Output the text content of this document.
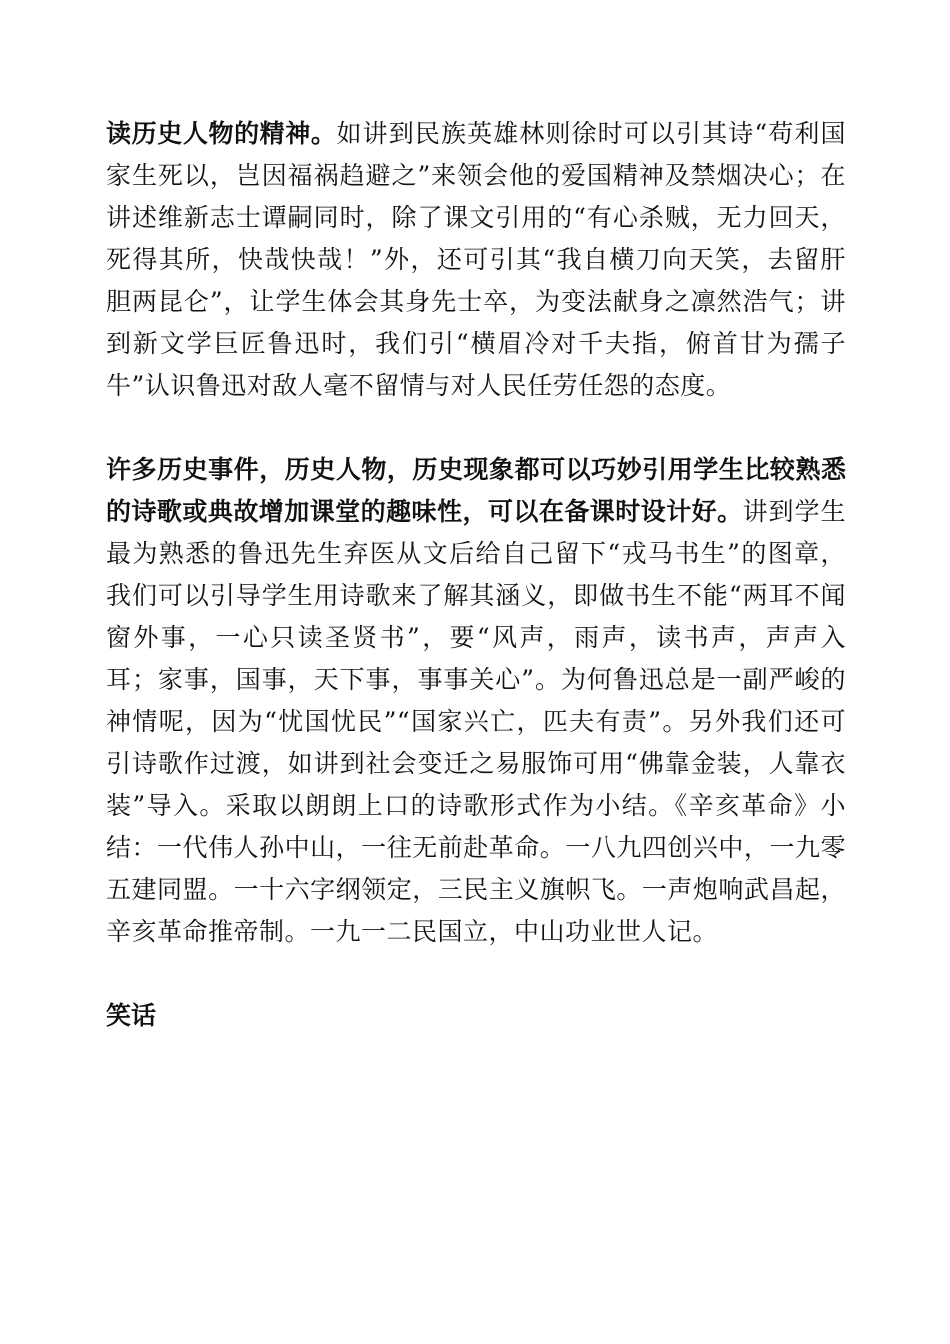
读历史人物的精神。如讲到民族英雄林则徐时可以引其诗“苟利国家生死以，岂因福祸趋避之”来领会他的爱国精神及禁烟决心；在讲述维新志士谭嗣同时，除了课文引用的“有心杀贼，无力回天，死得其所，快哉快哉！”外，还可引其“我自横刀向天笑，去留肝胆两昆仑”，让学生体会其身先士卒，为变法献身之凛然浩气；讲到新文学巨匠鲁迅时，我们引“横眉冷对千夫指，俯首甘为孺子牛”认识鲁迅对敌人毫不留情与对人民任劳任怨的态度。

许多历史事件，历史人物，历史现象都可以巧妙引用学生比较熟悉的诗歌或典故增加课堂的趣味性，可以在备课时设计好。讲到学生最为熟悉的鲁迅先生弃医从文后给自己留下“戎马书生”的图章，我们可以引导学生用诗歌来了解其涵义，即做书生不能“两耳不闻窗外事，一心只读圣贤书”，要“风声，雨声，读书声，声声入耳；家事，国事，天下事，事事关心”。为何鲁迅总是一副严峻的神情呢，因为“忧国忧民”“国家兴亡，匹夫有责”。另外我们还可引诗歌作过渡，如讲到社会变迁之易服饰可用“佛靠金装，人靠衣装”导入。采取以朗朗上口的诗歌形式作为小结。《辛亥革命》小结：一代伟人孙中山，一往无前赴革命。一八九四创兴中，一九零五建同盟。一十六字纲领定，三民主义旗帜飞。一声炮响武昌起，辛亥革命推帝制。一九一二民国立，中山功业世人记。

笑话
